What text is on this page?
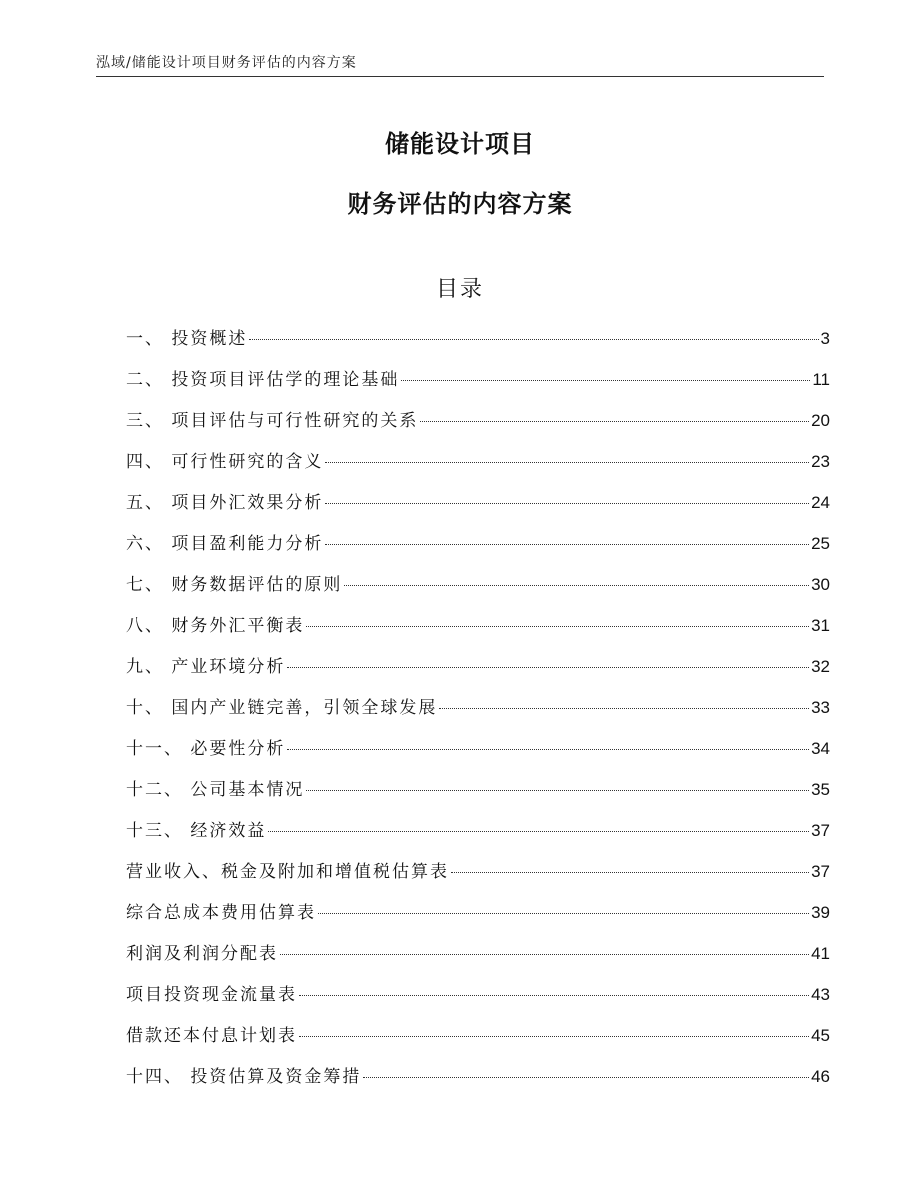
泓域/储能设计项目财务评估的内容方案
储能设计项目
财务评估的内容方案
目录
一、 投资概述	3
二、 投资项目评估学的理论基础	11
三、 项目评估与可行性研究的关系	20
四、 可行性研究的含义	23
五、 项目外汇效果分析	24
六、 项目盈利能力分析	25
七、 财务数据评估的原则	30
八、 财务外汇平衡表	31
九、 产业环境分析	32
十、 国内产业链完善，引领全球发展	33
十一、 必要性分析	34
十二、 公司基本情况	35
十三、 经济效益	37
营业收入、税金及附加和增值税估算表	37
综合总成本费用估算表	39
利润及利润分配表	41
项目投资现金流量表	43
借款还本付息计划表	45
十四、 投资估算及资金筹措	46
